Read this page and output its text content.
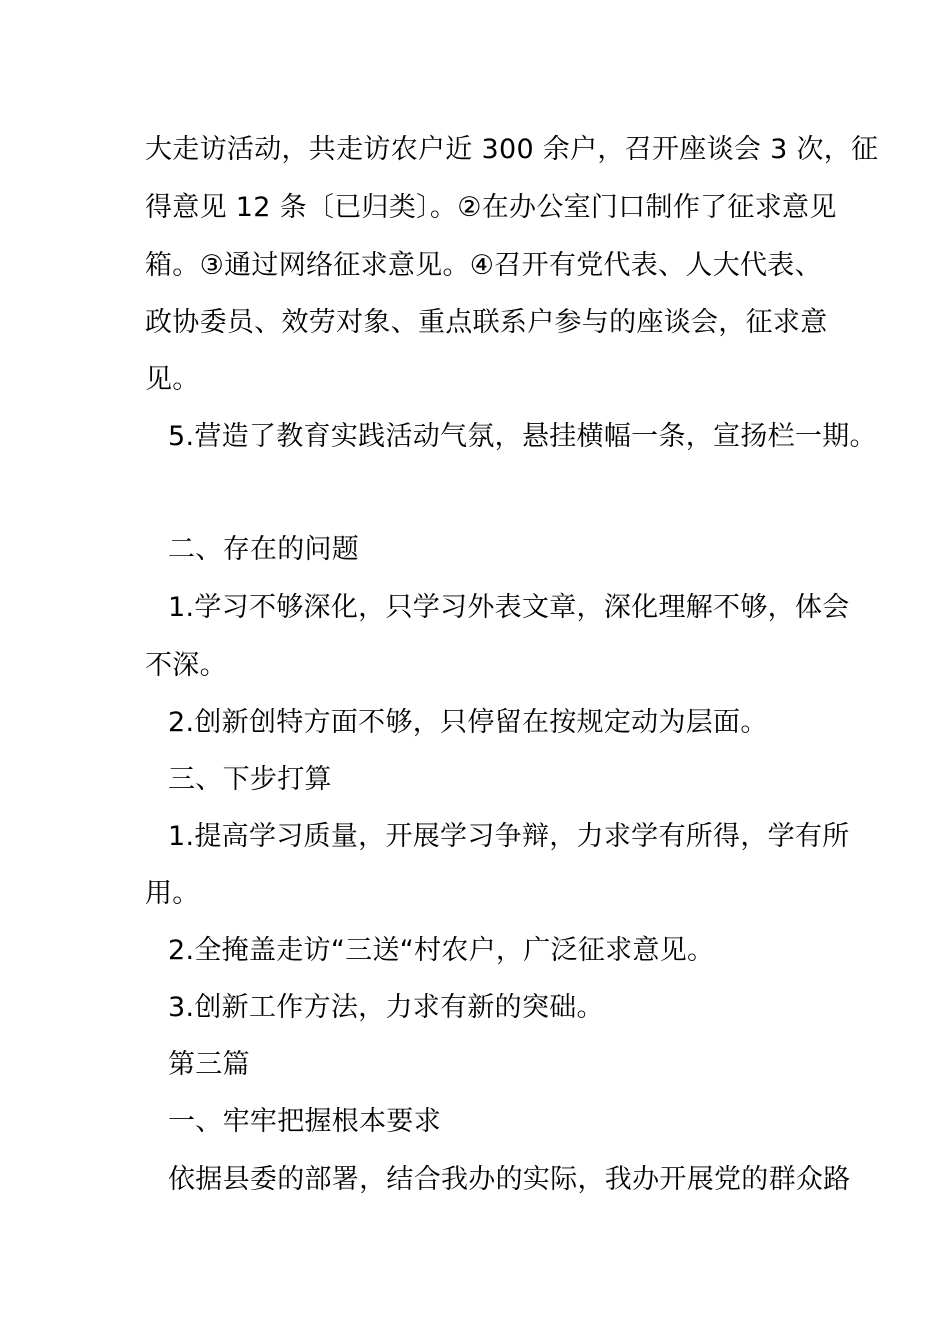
大走访活动，共走访农户近 300 余户，召开座谈会 3 次，征
得意见 12 条〔已归类〕。②在办公室门口制作了征求意见
箱。③通过网络征求意见。④召开有党代表、人大代表、
政协委员、效劳对象、重点联系户参与的座谈会，征求意
见。
5.营造了教育实践活动气氛，悬挂横幅一条，宣扬栏一期。
二、存在的问题
1.学习不够深化，只学习外表文章，深化理解不够，体会
不深。
2.创新创特方面不够，只停留在按规定动为层面。
三、下步打算
1.提高学习质量，开展学习争辩，力求学有所得，学有所
用。
2.全掩盖走访“三送“村农户，广泛征求意见。
3.创新工作方法，力求有新的突础。
第三篇
一、牢牢把握根本要求
依据县委的部署，结合我办的实际，我办开展党的群众路
